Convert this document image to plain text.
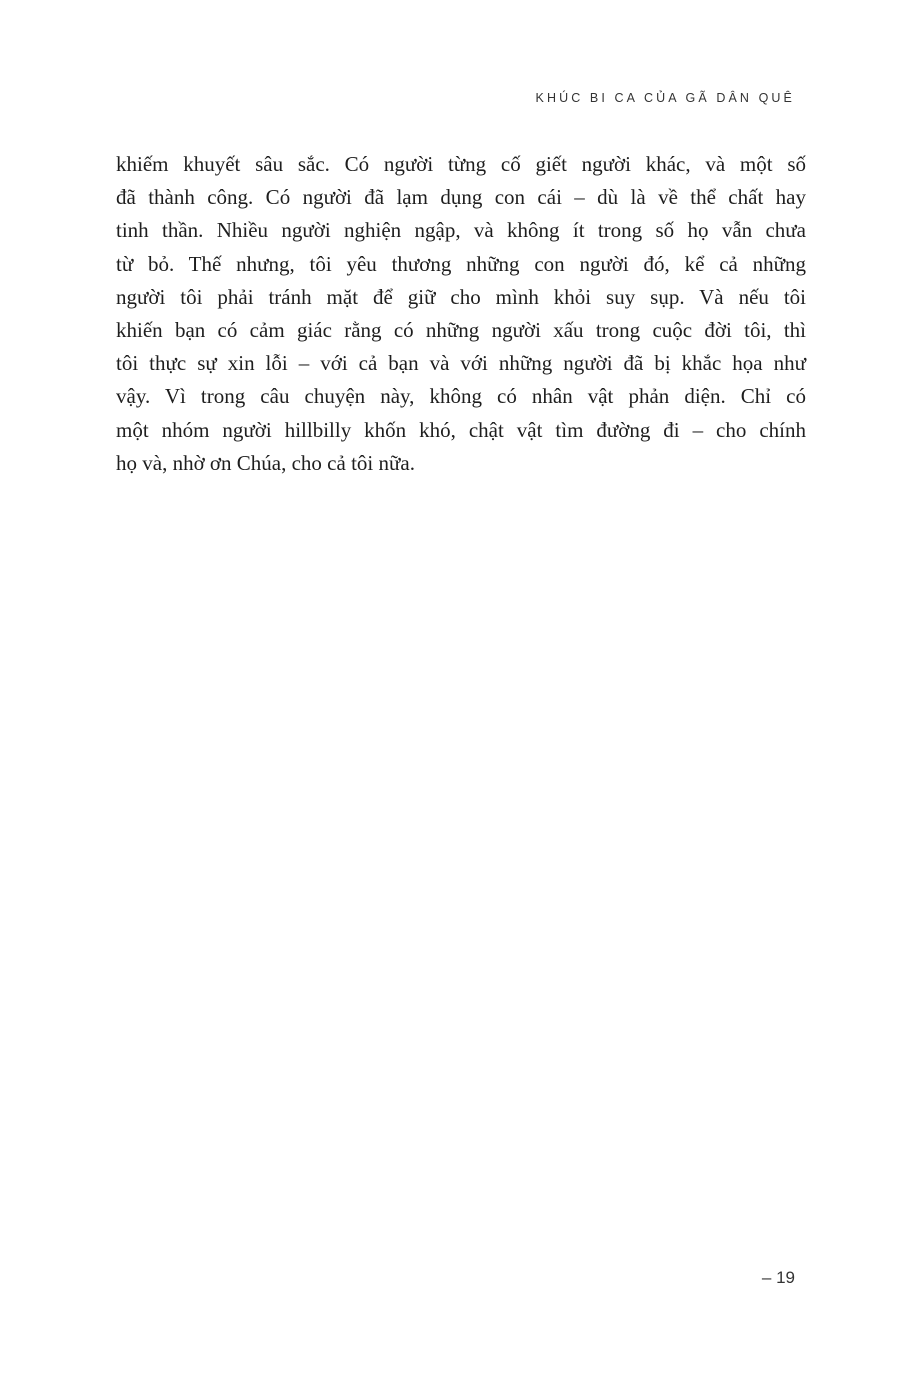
KHÚC BI CA CỦA GÃ DÂN QUÊ
khiếm khuyết sâu sắc. Có người từng cố giết người khác, và một số
đã thành công. Có người đã lạm dụng con cái – dù là về thể chất hay
tinh thần. Nhiều người nghiện ngập, và không ít trong số họ vẫn chưa
từ bỏ. Thế nhưng, tôi yêu thương những con người đó, kể cả những
người tôi phải tránh mặt để giữ cho mình khỏi suy sụp. Và nếu tôi
khiến bạn có cảm giác rằng có những người xấu trong cuộc đời tôi, thì
tôi thực sự xin lỗi – với cả bạn và với những người đã bị khắc họa như
vậy. Vì trong câu chuyện này, không có nhân vật phản diện. Chỉ có
một nhóm người hillbilly khốn khó, chật vật tìm đường đi – cho chính
họ và, nhờ ơn Chúa, cho cả tôi nữa.
– 19
